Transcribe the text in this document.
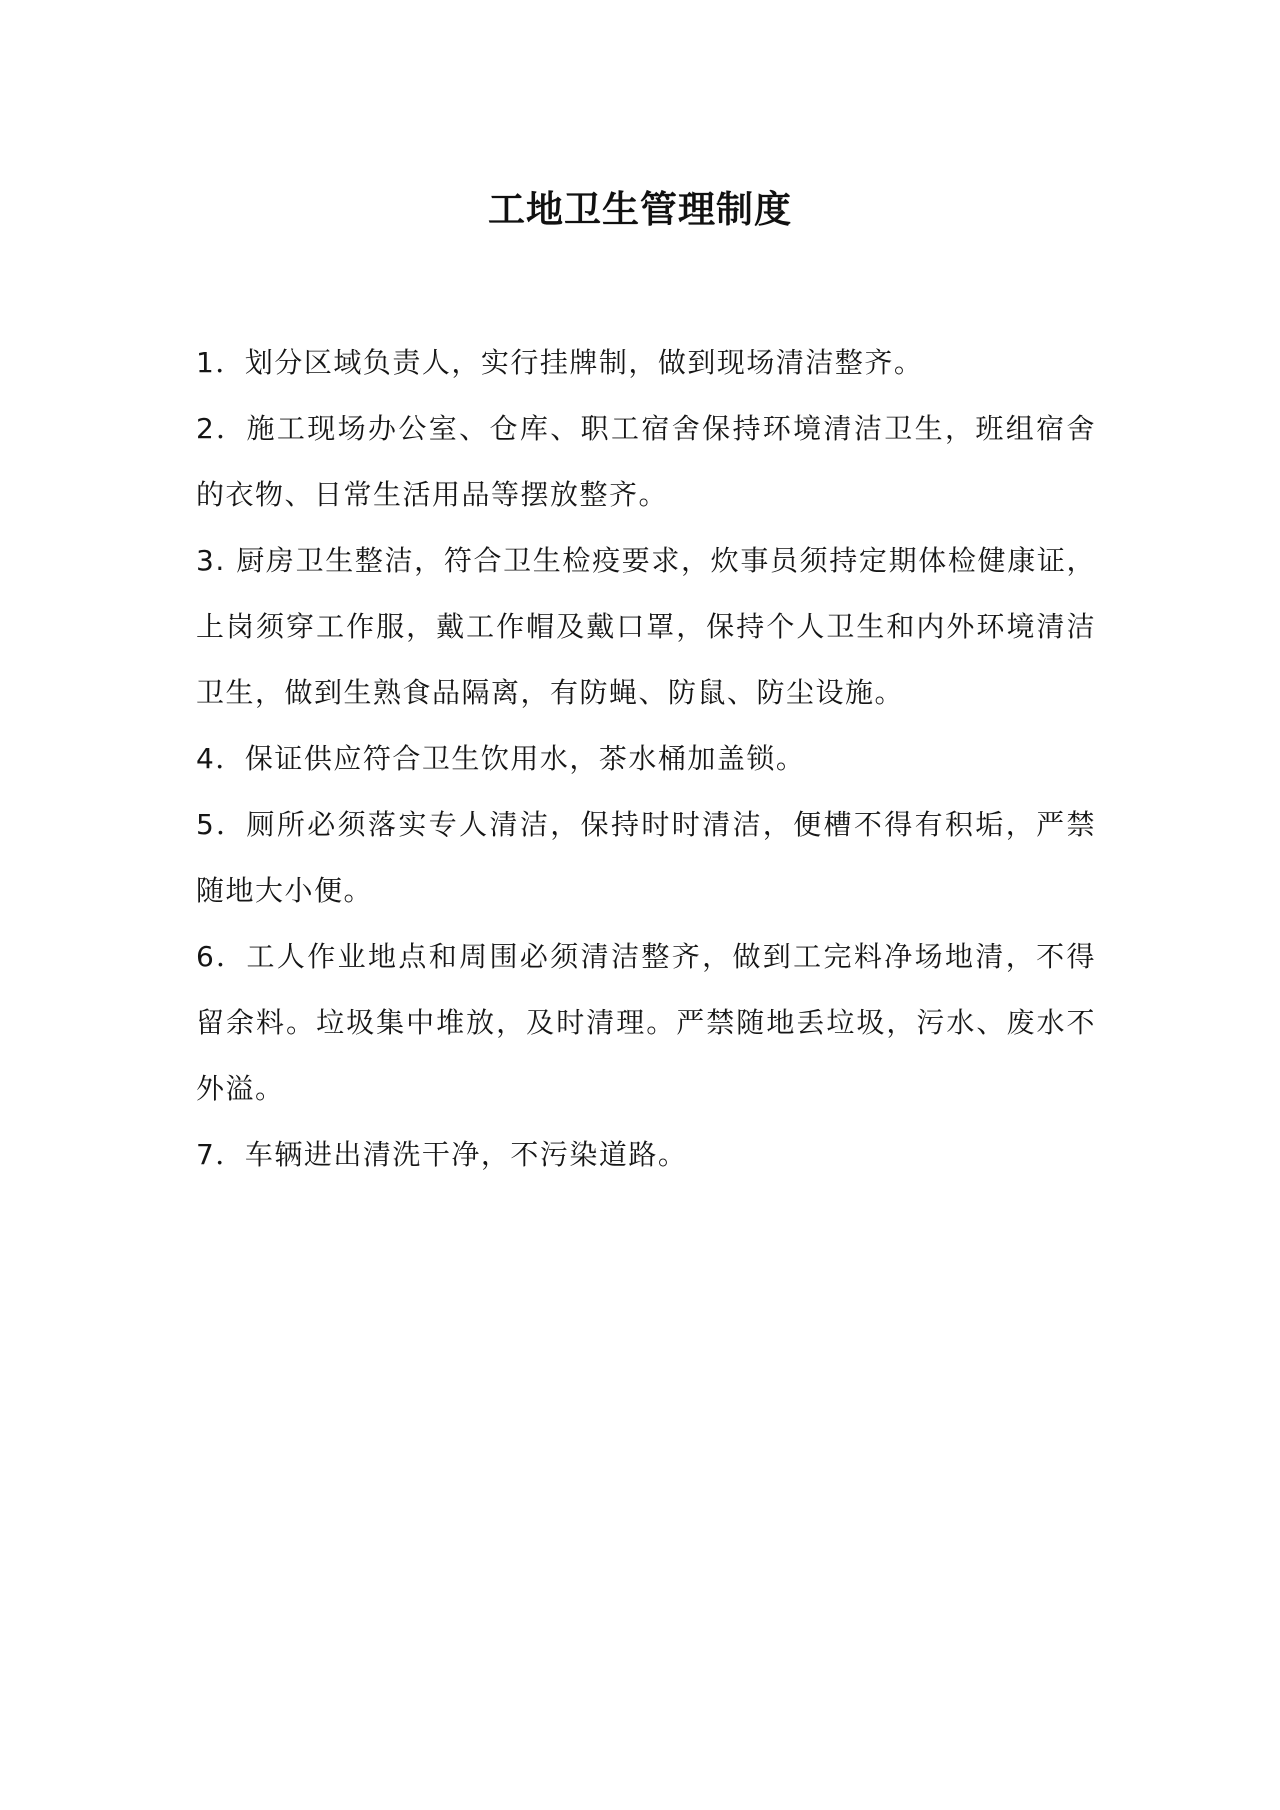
工地卫生管理制度
1．划分区域负责人，实行挂牌制，做到现场清洁整齐。
2．施工现场办公室、仓库、职工宿舍保持环境清洁卫生，班组宿舍的衣物、日常生活用品等摆放整齐。
3. 厨房卫生整洁，符合卫生检疫要求，炊事员须持定期体检健康证，上岗须穿工作服，戴工作帽及戴口罩，保持个人卫生和内外环境清洁卫生，做到生熟食品隔离，有防蝇、防鼠、防尘设施。
4．保证供应符合卫生饮用水，茶水桶加盖锁。
5．厕所必须落实专人清洁，保持时时清洁，便槽不得有积垢，严禁随地大小便。
6．工人作业地点和周围必须清洁整齐，做到工完料净场地清，不得留余料。垃圾集中堆放，及时清理。严禁随地丢垃圾，污水、废水不外溢。
7．车辆进出清洗干净，不污染道路。
